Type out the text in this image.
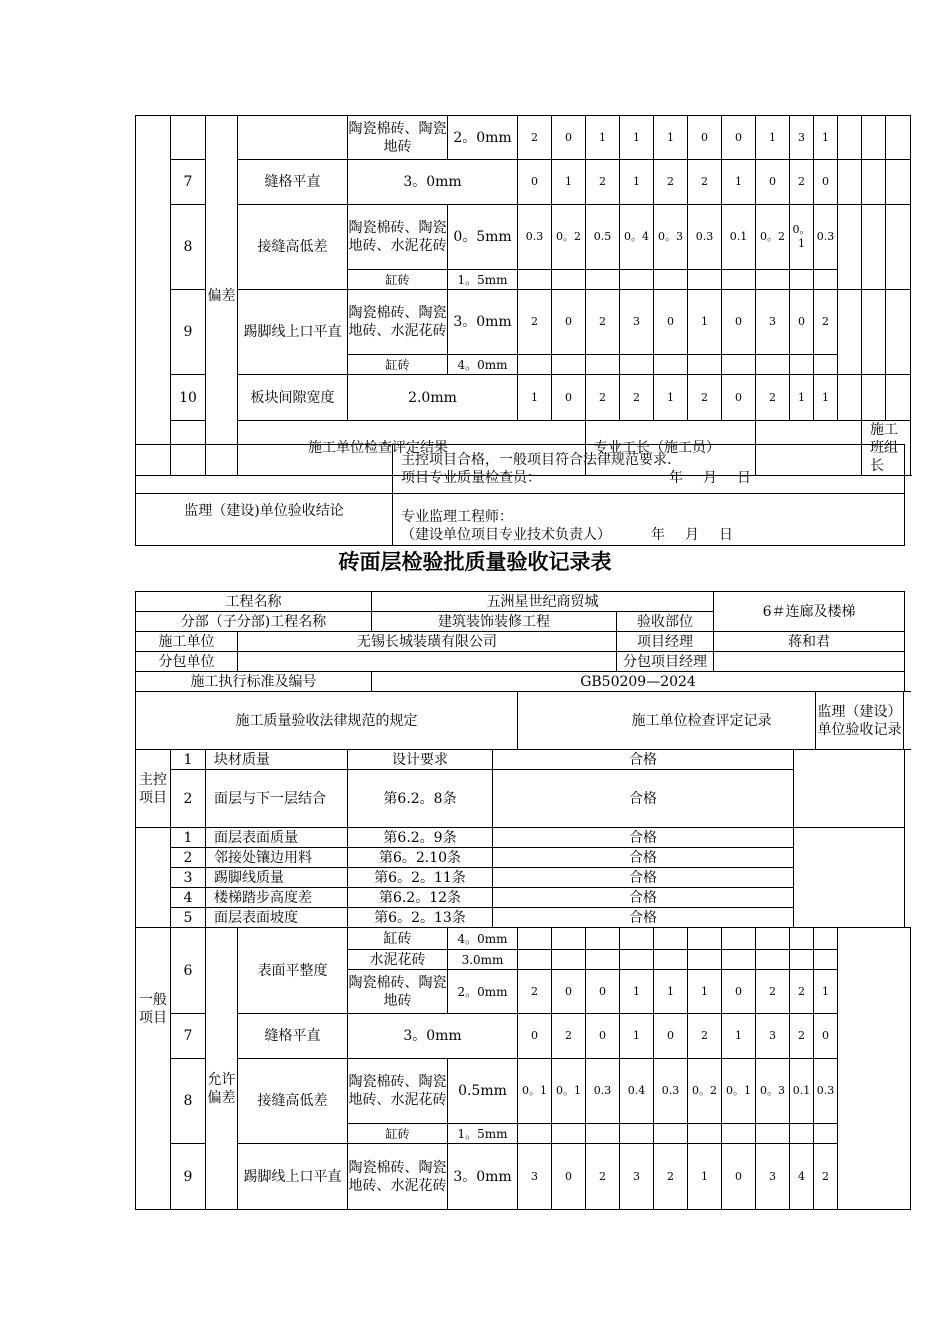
		偏差		陶瓷棉砖、陶瓷地砖	2。0mm	2	0	1	1	1	0	0	1	3	1			
	7		缝格平直	3。0mm		0	1	2	1	2	2	1	0	2	0			
	8		接缝高低差	陶瓷棉砖、陶瓷地砖、水泥花砖	0。5mm	0.3	0。2	0.5	0。4	0。3	0.3	0.1	0。2	0。1	0.3			
				缸砖	1。5mm													
	9		踢脚线上口平直	陶瓷棉砖、陶瓷地砖、水泥花砖	3。0mm	2	0	2	3	0	1	0	3	0	2			
				缸砖	4。0mm													
	10		板块间隙宽度	2.0mm		1	0	2	2	1	2	0	2	1	1			
	施工单位检查评定结果							专业工长（施工员）									施工班组长	

	主控项目合格，一般项目符合法律规范要求.
项目专业质量检查员： 年 月 日

监理（建设)单位验收结论	专业监理工程师：
（建设单位项目专业技术负责人） 年 月 日
砖面层检验批质量验收记录表
工程名称		五洲星世纪商贸城		6＃连廊及楼梯
分部（子分部)工程名称		建筑装饰装修工程	验收部位	
施工单位	无锡长城装璜有限公司		项目经理	蒋和君
分包单位			分包项目经理	
施工执行标准及编号		GB50209—2024		
施工质量验收法律规范的规定	施工单位检查评定记录	
监理（建设）单位验收记录
主控项目	1	块材质量	设计要求	合格	
	2	面层与下一层结合	第6.2。8条	合格	
	1	面层表面质量	第6.2。9条	合格	
	2	邻接处镶边用料	第6。2.10条	合格	
	3	踢脚线质量	第6。2。11条	合格	
	4	楼梯踏步高度差	第6.2。12条	合格	
	5	面层表面坡度	第6。2。13条	合格	
一般项目	6	允许偏差	表面平整度	缸砖	4。0mm											
				水泥花砖	3.0mm											
				陶瓷棉砖、陶瓷地砖	2。0mm	2	0	0	1	1	1	0	2	2	1	
	7		缝格平直	3。0mm		0	2	0	1	0	2	1	3	2	0	
	8		接缝高低差	陶瓷棉砖、陶瓷地砖、水泥花砖	0.5mm	0。1	0。1	0.3	0.4	0.3	0。2	0。1	0。3	0.1	0.3	
				缸砖	1。5mm											
	9		踢脚线上口平直	陶瓷棉砖、陶瓷地砖、水泥花砖	3。0mm	3	0	2	3	2	1	0	3	4	2	
